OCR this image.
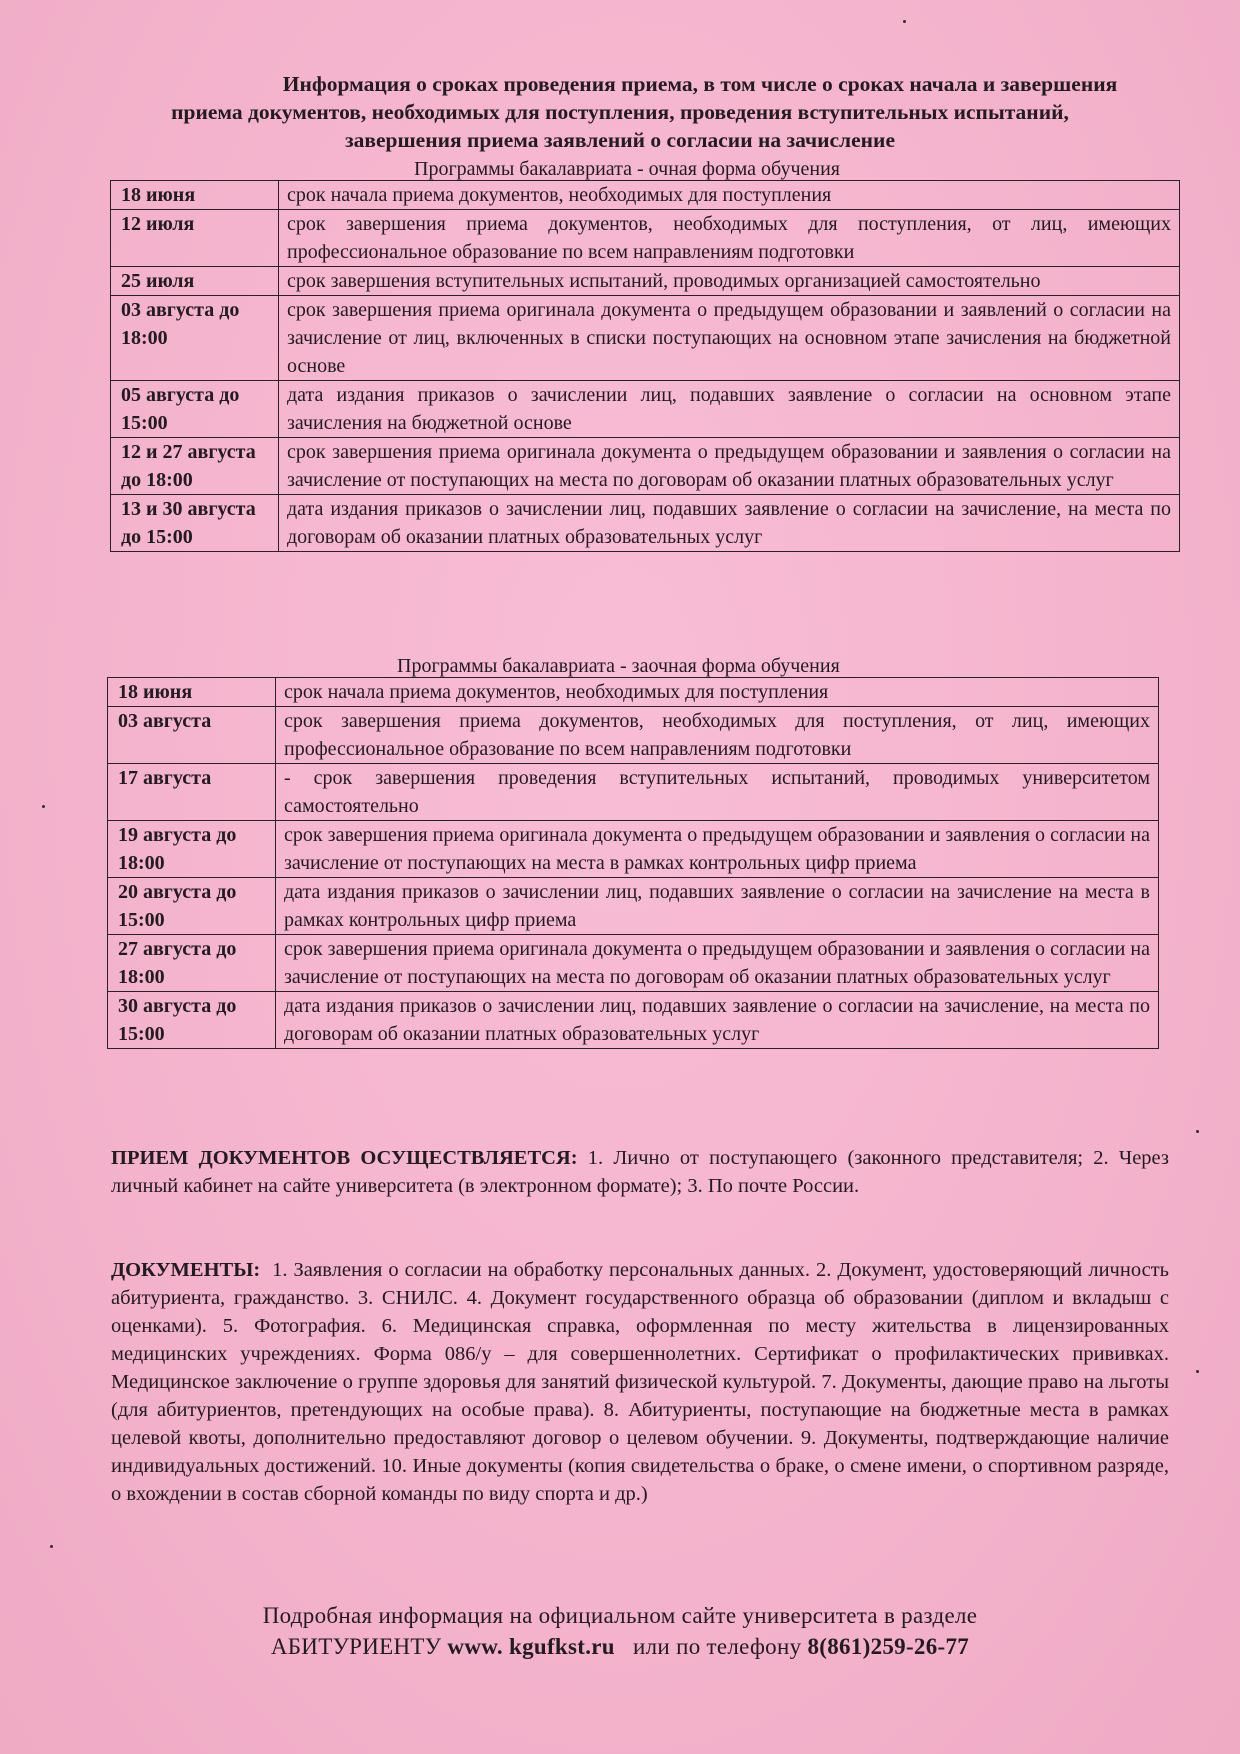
Информация о сроках проведения приема, в том числе о сроках начала и завершения
приема документов, необходимых для поступления, проведения вступительных испытаний,
завершения приема заявлений о согласии на зачисление
Программы бакалавриата - очная форма обучения
18 июня	срок начала приема документов, необходимых для поступления
12 июля	срок завершения приема документов, необходимых для поступления, от лиц, имеющих профессиональное образование по всем направлениям подготовки
25 июля	срок завершения вступительных испытаний, проводимых организацией самостоятельно
03 августа до 18:00	срок завершения приема оригинала документа о предыдущем образовании и заявлений о согласии на зачисление от лиц, включенных в списки поступающих на основном этапе зачисления на бюджетной основе
05 августа до 15:00	дата издания приказов о зачислении лиц, подавших заявление о согласии на основном этапе зачисления на бюджетной основе
12 и 27 августа до 18:00	срок завершения приема оригинала документа о предыдущем образовании и заявления о согласии на зачисление от поступающих на места по договорам об оказании платных образовательных услуг
13 и 30 августа до 15:00	дата издания приказов о зачислении лиц, подавших заявление о согласии на зачисление, на места по договорам об оказании платных образовательных услуг
Программы бакалавриата - заочная форма обучения
18 июня	срок начала приема документов, необходимых для поступления
03 августа	срок завершения приема документов, необходимых для поступления, от лиц, имеющих профессиональное образование по всем направлениям подготовки
17 августа	- срок завершения проведения вступительных испытаний, проводимых университетом самостоятельно
19 августа до 18:00	срок завершения приема оригинала документа о предыдущем образовании и заявления о согласии на зачисление от поступающих на места в рамках контрольных цифр приема
20 августа до 15:00	дата издания приказов о зачислении лиц, подавших заявление о согласии на зачисление на места в рамках контрольных цифр приема
27 августа до 18:00	срок завершения приема оригинала документа о предыдущем образовании и заявления о согласии на зачисление от поступающих на места по договорам об оказании платных образовательных услуг
30 августа до 15:00	дата издания приказов о зачислении лиц, подавших заявление о согласии на зачисление, на места по договорам об оказании платных образовательных услуг
ПРИЕМ ДОКУМЕНТОВ ОСУЩЕСТВЛЯЕТСЯ: 1. Лично от поступающего (законного представителя; 2. Через личный кабинет на сайте университета (в электронном формате); 3. По почте России.
ДОКУМЕНТЫ: 1. Заявления о согласии на обработку персональных данных. 2. Документ, удостоверяющий личность абитуриента, гражданство. 3. СНИЛС. 4. Документ государственного образца об образовании (диплом и вкладыш с оценками). 5. Фотография. 6. Медицинская справка, оформленная по месту жительства в лицензированных медицинских учреждениях. Форма 086/у – для совершеннолетних. Сертификат о профилактических прививках. Медицинское заключение о группе здоровья для занятий физической культурой. 7. Документы, дающие право на льготы (для абитуриентов, претендующих на особые права). 8. Абитуриенты, поступающие на бюджетные места в рамках целевой квоты, дополнительно предоставляют договор о целевом обучении. 9. Документы, подтверждающие наличие индивидуальных достижений. 10. Иные документы (копия свидетельства о браке, о смене имени, о спортивном разряде, о вхождении в состав сборной команды по виду спорта и др.)
Подробная информация на официальном сайте университета в разделе
АБИТУРИЕНТУ www. kgufkst.ru или по телефону 8(861)259-26-77
